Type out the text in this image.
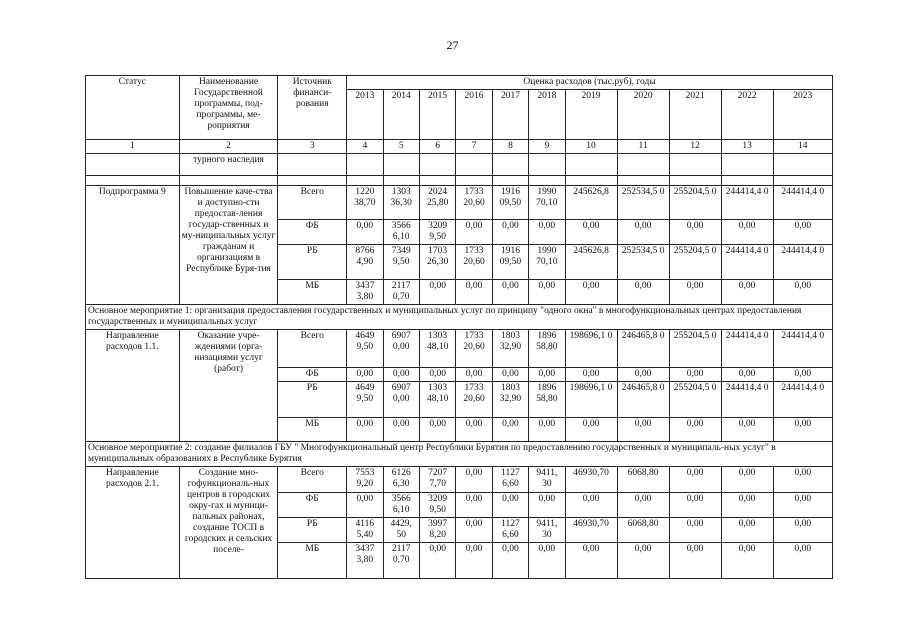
27
Статус	Наименование Государственной программы, под-программы, ме-роприятия	Источник финанси-рования	Оценка расходов (тыс.руб), годы										
			2013	2014	2015	2016	2017	2018	2019	2020	2021	2022	2023
1	2	3	4	5	6	7	8	9	10	11	12	13	14
	турного наследия												

Подпрограмма 9	Повышение каче-ства и доступно-сти предостав-ления государ-ственных и му-ниципальных услуг гражданам и организациям в Республике Буря-тия	Всего	1220 38,70	1303 36,30	2024 25,80	1733 20,60	1916 09,50	1990 70,10	245626,8	252534,5 0	255204,5 0	244414,4 0	244414,4 0
		ФБ	0,00	3566 6,10	3209 9,50	0,00	0,00	0,00	0,00	0,00	0,00	0,00	0,00
		РБ	8766 4,90	7349 9,50	1703 26,30	1733 20,60	1916 09,50	1990 70,10	245626,8	252534,5 0	255204,5 0	244414,4 0	244414,4 0
		МБ	3437 3,80	2117 0,70	0,00	0,00	0,00	0,00	0,00	0,00	0,00	0,00	0,00
Основное мероприятие 1: организация предоставления государственных и муниципальных услуг по принципу "одного окна" в многофункциональных центрах предоставления государственных и муниципальных услуг													
Направление расходов 1.1.	Оказание учре-ждениями (орга-низациями услуг (работ)	Всего	4649 9,50	6907 0,00	1303 48,10	1733 20,60	1803 32,90	1896 58,80	198696,1 0	246465,8 0	255204,5 0	244414,4 0	244414,4 0
		ФБ	0,00	0,00	0,00	0,00	0,00	0,00	0,00	0,00	0,00	0,00	0,00
		РБ	4649 9,50	6907 0,00	1303 48,10	1733 20,60	1803 32,90	1896 58,80	198696,1 0	246465,8 0	255204,5 0	244414,4 0	244414,4 0
		МБ	0,00	0,00	0,00	0,00	0,00	0,00	0,00	0,00	0,00	0,00	0,00
Основное мероприятие 2: создание филиалов ГБУ " Многофункциональный центр Республики Бурятия по предоставлению государственных и муниципаль-ных услуг" в муниципальных образованиях в Республике Бурятия													
Направление расходов 2.1.	Создание мно-гофункциональ-ных центров в городских окру-гах и муници-пальных районах, создание ТОСП в городских и сельских поселе-	Всего	7553 9,20	6126 6,30	7207 7,70	0,00	1127 6,60	9411, 30	46930,70	6068,80	0,00	0,00	0,00
		ФБ	0,00	3566 6,10	3209 9,50	0,00	0,00	0,00	0,00	0,00	0,00	0,00	0,00
		РБ	4116 5,40	4429, 50	3997 8,20	0,00	1127 6,60	9411, 30	46930,70	6068,80	0,00	0,00	0,00
		МБ	3437 3,80	2117 0,70	0,00	0,00	0,00	0,00	0,00	0,00	0,00	0,00	0,00
